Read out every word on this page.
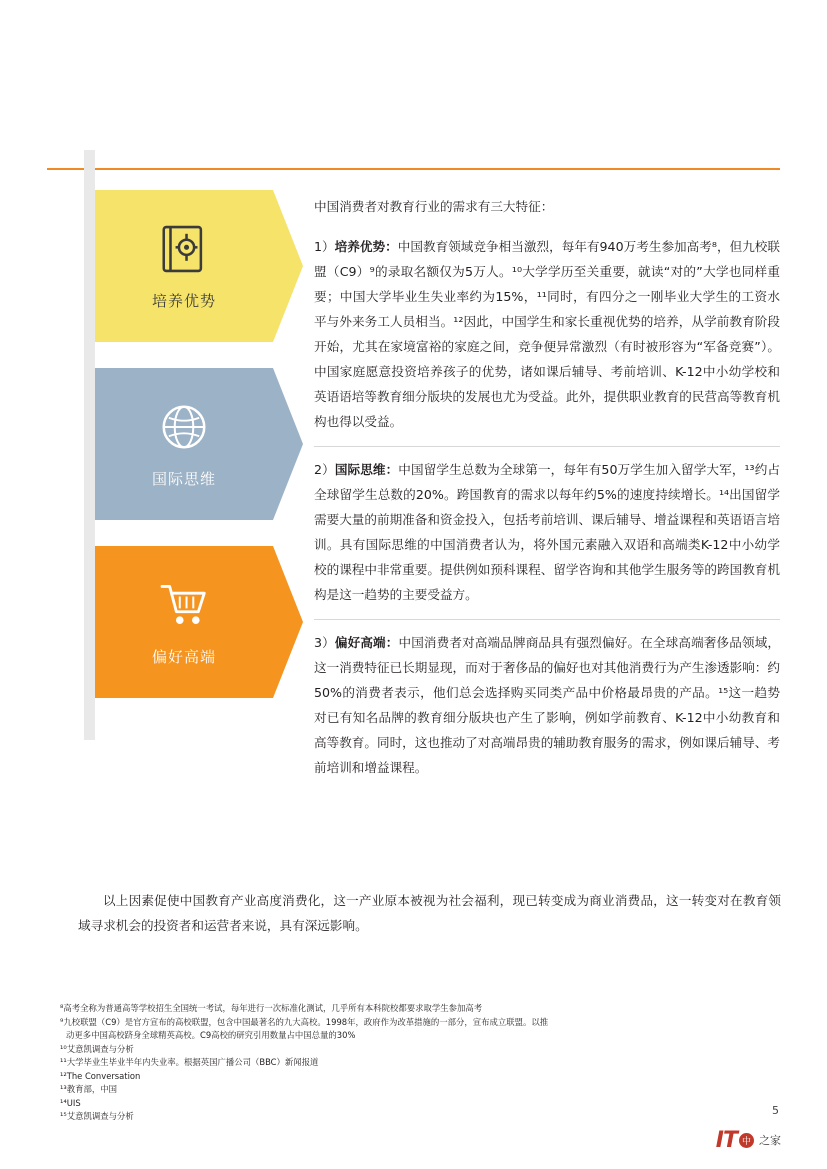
培养优势
国际思维
偏好高端
中国消费者对教育行业的需求有三大特征：

1）培养优势：中国教育领域竞争相当激烈，每年有940万考生参加高考⁸，但九校联盟（C9）⁹的录取名额仅为5万人。¹⁰大学学历至关重要，就读“对的”大学也同样重要；中国大学毕业生失业率约为15%，¹¹同时，有四分之一刚毕业大学生的工资水平与外来务工人员相当。¹²因此，中国学生和家长重视优势的培养，从学前教育阶段开始，尤其在家境富裕的家庭之间，竞争便异常激烈（有时被形容为“军备竞赛”）。中国家庭愿意投资培养孩子的优势，诸如课后辅导、考前培训、K-12中小幼学校和英语语培等教育细分版块的发展也尤为受益。此外，提供职业教育的民营高等教育机构也得以受益。

2）国际思维：中国留学生总数为全球第一，每年有50万学生加入留学大军，¹³约占全球留学生总数的20%。跨国教育的需求以每年约5%的速度持续增长。¹⁴出国留学需要大量的前期准备和资金投入，包括考前培训、课后辅导、增益课程和英语语言培训。具有国际思维的中国消费者认为，将外国元素融入双语和高端类K-12中小幼学校的课程中非常重要。提供例如预科课程、留学咨询和其他学生服务等的跨国教育机构是这一趋势的主要受益方。

3）偏好高端：中国消费者对高端品牌商品具有强烈偏好。在全球高端奢侈品领域，这一消费特征已长期显现，而对于奢侈品的偏好也对其他消费行为产生渗透影响：约50%的消费者表示，他们总会选择购买同类产品中价格最昂贵的产品。¹⁵这一趋势对已有知名品牌的教育细分版块也产生了影响，例如学前教育、K-12中小幼教育和高等教育。同时，这也推动了对高端昂贵的辅助教育服务的需求，例如课后辅导、考前培训和增益课程。

以上因素促使中国教育产业高度消费化，这一产业原本被视为社会福利，现已转变成为商业消费品，这一转变对在教育领域寻求机会的投资者和运营者来说，具有深远影响。
⁸高考全称为普通高等学校招生全国统一考试，每年进行一次标准化测试，几乎所有本科院校都要求取学生参加高考
⁹九校联盟（C9）是官方宣布的高校联盟，包含中国最著名的九大高校。1998年，政府作为改革措施的一部分，宣布成立联盟。以推
动更多中国高校跻身全球精英高校。C9高校的研究引用数量占中国总量的30%
¹⁰艾意凯调查与分析
¹¹大学毕业生毕业半年内失业率。根据英国广播公司（BBC）新闻报道
¹²The Conversation
¹³教育部，中国
¹⁴UIS
¹⁵艾意凯调查与分析	5
IT 中 之家
